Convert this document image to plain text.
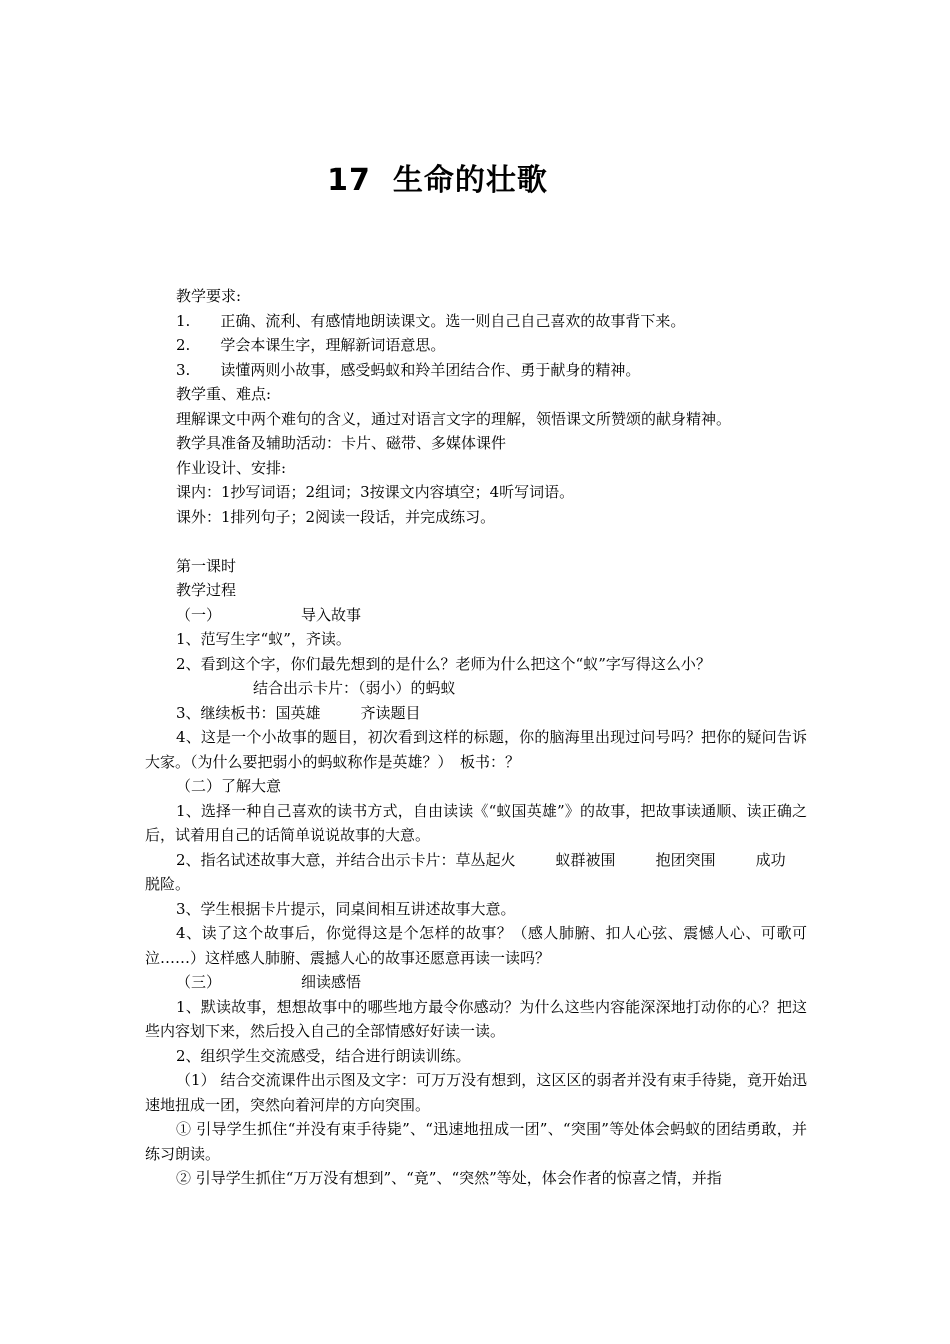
17 生命的壮歌

教学要求:

1. 正确、流利、有感情地朗读课文。选一则自己自己喜欢的故事背下来。

2. 学会本课生字，理解新词语意思。

3. 读懂两则小故事，感受蚂蚁和羚羊团结合作、勇于献身的精神。

教学重、难点:

理解课文中两个难句的含义，通过对语言文字的理解，领悟课文所赞颂的献身精神。

教学具准备及辅助活动：卡片、磁带、多媒体课件

作业设计、安排:

课内：1抄写词语；2组词；3按课文内容填空；4听写词语。

课外：1排列句子；2阅读一段话，并完成练习。

第一课时

教学过程

（一）	导入故事

1、范写生字“蚁”，齐读。

2、看到这个字，你们最先想到的是什么？老师为什么把这个“蚁”字写得这么小？

结合出示卡片：（弱小）的蚂蚁

3、继续板书：国英雄	齐读题目

4、这是一个小故事的题目，初次看到这样的标题，你的脑海里出现过问号吗？把你的疑问告诉大家。（为什么要把弱小的蚂蚁称作是英雄？）　板书：？

（二）了解大意

1、选择一种自己喜欢的读书方式，自由读读《“蚁国英雄”》的故事，把故事读通顺、读正确之后，试着用自己的话简单说说故事的大意。

2、指名试述故事大意，并结合出示卡片：草丛起火	蚁群被围	抱团突围	成功

脱险。

3、学生根据卡片提示，同桌间相互讲述故事大意。

4、读了这个故事后，你觉得这是个怎样的故事？（感人肺腑、扣人心弦、震憾人心、可歌可泣……）这样感人肺腑、震撼人心的故事还愿意再读一读吗？

（三）	细读感悟

1、默读故事，想想故事中的哪些地方最令你感动？为什么这些内容能深深地打动你的心？把这些内容划下来，然后投入自己的全部情感好好读一读。

2、组织学生交流感受，结合进行朗读训练。

（1） 结合交流课件出示图及文字：可万万没有想到，这区区的弱者并没有束手待毙，竟开始迅速地扭成一团，突然向着河岸的方向突围。

① 引导学生抓住“并没有束手待毙”、“迅速地扭成一团”、“突围”等处体会蚂蚁的团结勇敢，并练习朗读。

② 引导学生抓住“万万没有想到”、“竟”、“突然”等处，体会作者的惊喜之情，并指
